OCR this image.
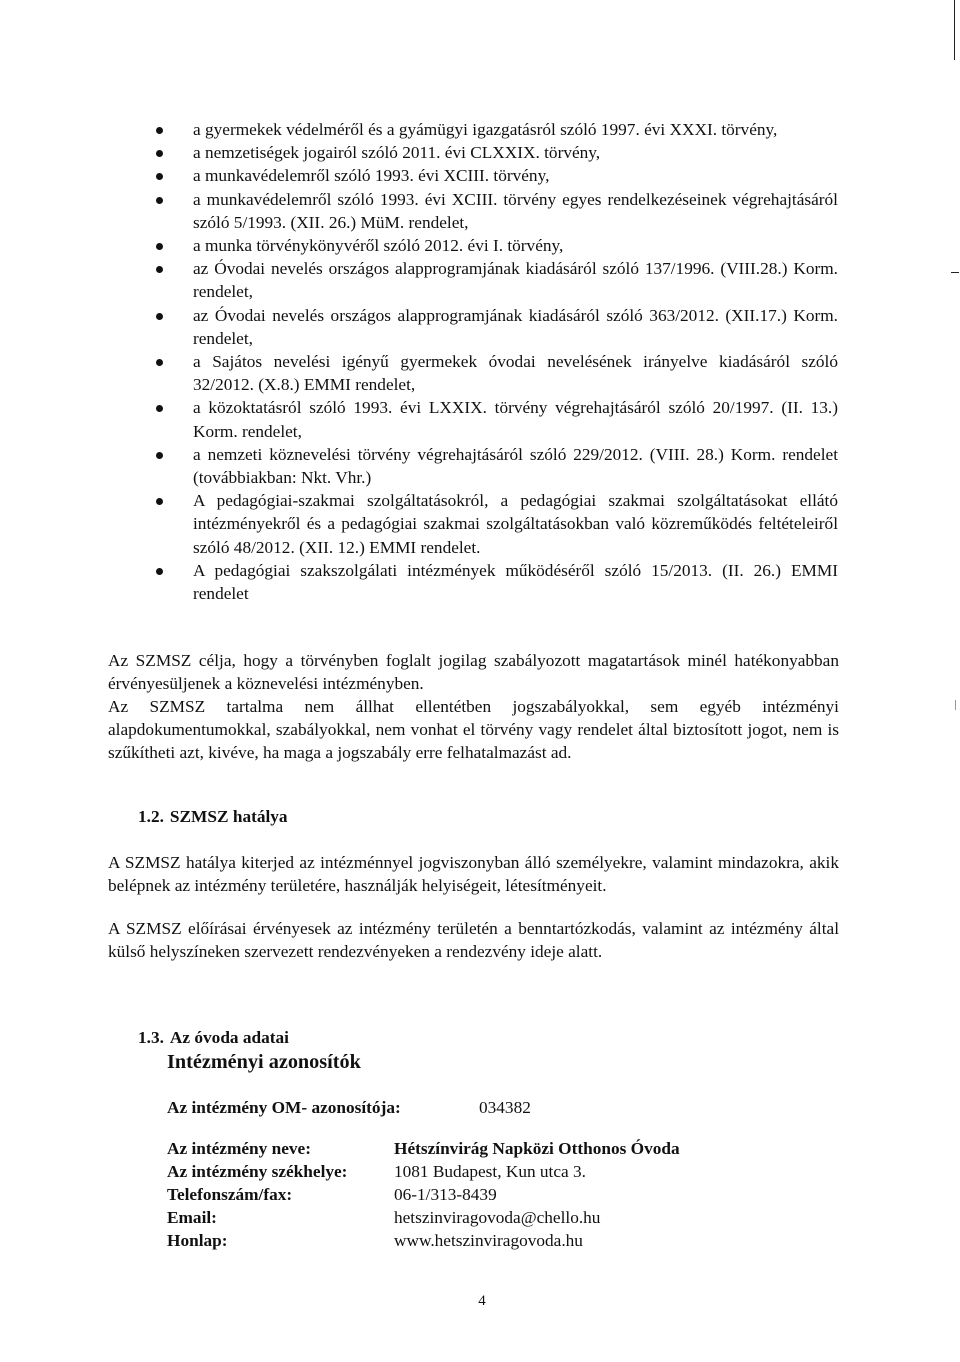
a gyermekek védelméről és a gyámügyi igazgatásról szóló 1997. évi XXXI. törvény,
a nemzetiségek jogairól szóló 2011. évi CLXXIX. törvény,
a munkavédelemről szóló 1993. évi XCIII. törvény,
a munkavédelemről szóló 1993. évi XCIII. törvény egyes rendelkezéseinek végrehajtásáról szóló 5/1993. (XII. 26.) MüM. rendelet,
a munka törvénykönyvéről szóló 2012. évi I. törvény,
az Óvodai nevelés országos alapprogramjának kiadásáról szóló 137/1996. (VIII.28.) Korm. rendelet,
az Óvodai nevelés országos alapprogramjának kiadásáról szóló 363/2012. (XII.17.) Korm. rendelet,
a Sajátos nevelési igényű gyermekek óvodai nevelésének irányelve kiadásáról szóló 32/2012. (X.8.) EMMI rendelet,
a közoktatásról szóló 1993. évi LXXIX. törvény végrehajtásáról szóló 20/1997. (II. 13.) Korm. rendelet,
a nemzeti köznevelési törvény végrehajtásáról szóló 229/2012. (VIII. 28.) Korm. rendelet (továbbiakban: Nkt. Vhr.)
A pedagógiai-szakmai szolgáltatásokról, a pedagógiai szakmai szolgáltatásokat ellátó intézményekről és a pedagógiai szakmai szolgáltatásokban való közreműködés feltételeiről szóló 48/2012. (XII. 12.) EMMI rendelet.
A pedagógiai szakszolgálati intézmények működéséről szóló 15/2013. (II. 26.) EMMI rendelet

Az SZMSZ célja, hogy a törvényben foglalt jogilag szabályozott magatartások minél hatékonyabban érvényesüljenek a köznevelési intézményben.

Az SZMSZ tartalma nem állhat ellentétben jogszabályokkal, sem egyéb intézményi alapdokumentumokkal, szabályokkal, nem vonhat el törvény vagy rendelet által biztosított jogot, nem is szűkítheti azt, kivéve, ha maga a jogszabály erre felhatalmazást ad.

1.2. SZMSZ hatálya

A SZMSZ hatálya kiterjed az intézménnyel jogviszonyban álló személyekre, valamint mindazokra, akik belépnek az intézmény területére, használják helyiségeit, létesítményeit.

A SZMSZ előírásai érvényesek az intézmény területén a benntartózkodás, valamint az intézmény által külső helyszíneken szervezett rendezvényeken a rendezvény ideje alatt.

1.3. Az óvoda adatai
Intézményi azonosítók
Az intézmény OM- azonosítója:	034382
Az intézmény neve:	Hétszínvirág Napközi Otthonos Óvoda
Az intézmény székhelye:	1081 Budapest, Kun utca 3.
Telefonszám/fax:	06-1/313-8439
Email:	hetszinviragovoda@chello.hu
Honlap:	www.hetszinviragovoda.hu
4
